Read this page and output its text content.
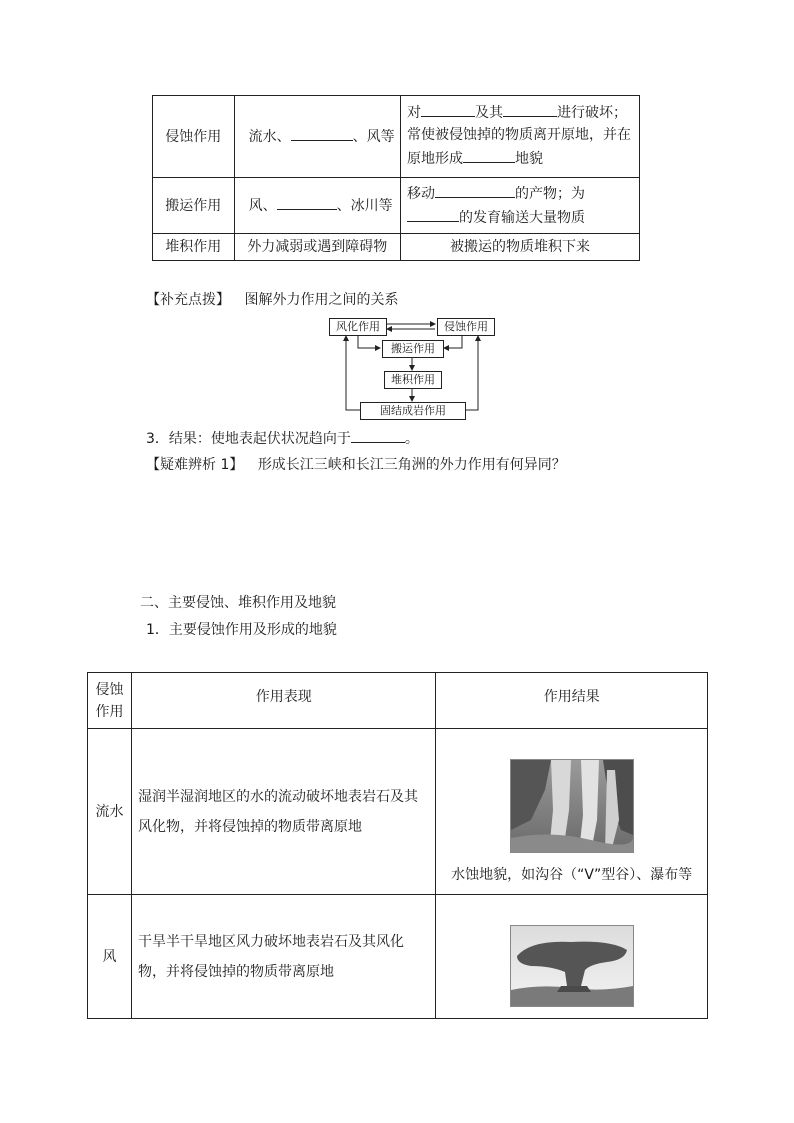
侵蚀作用	流水、 、风等	对 及其 进行破坏；
常使被侵蚀掉的物质离开原地，并在
原地形成 地貌

搬运作用	风、 、冰川等	移动 的产物；为
的发育输送大量物质

堆积作用	外力减弱或遇到障碍物	被搬运的物质堆积下来
【补充点拨】 图解外力作用之间的关系
风化作用	侵蚀作用
搬运作用
堆积作用
固结成岩作用
3．结果：使地表起伏状况趋向于	。
【疑难辨析 1】 形成长江三峡和长江三角洲的外力作用有何异同？
二、主要侵蚀、堆积作用及地貌
1．主要侵蚀作用及形成的地貌
侵蚀作用	作用表现	作用结果
流水	湿润半湿润地区的水的流动破坏地表岩石及其风化物，并将侵蚀掉的物质带离原地	水蚀地貌，如沟谷（“V”型谷）、瀑布等

风	干旱半干旱地区风力破坏地表岩石及其风化物，并将侵蚀掉的物质带离原地	
